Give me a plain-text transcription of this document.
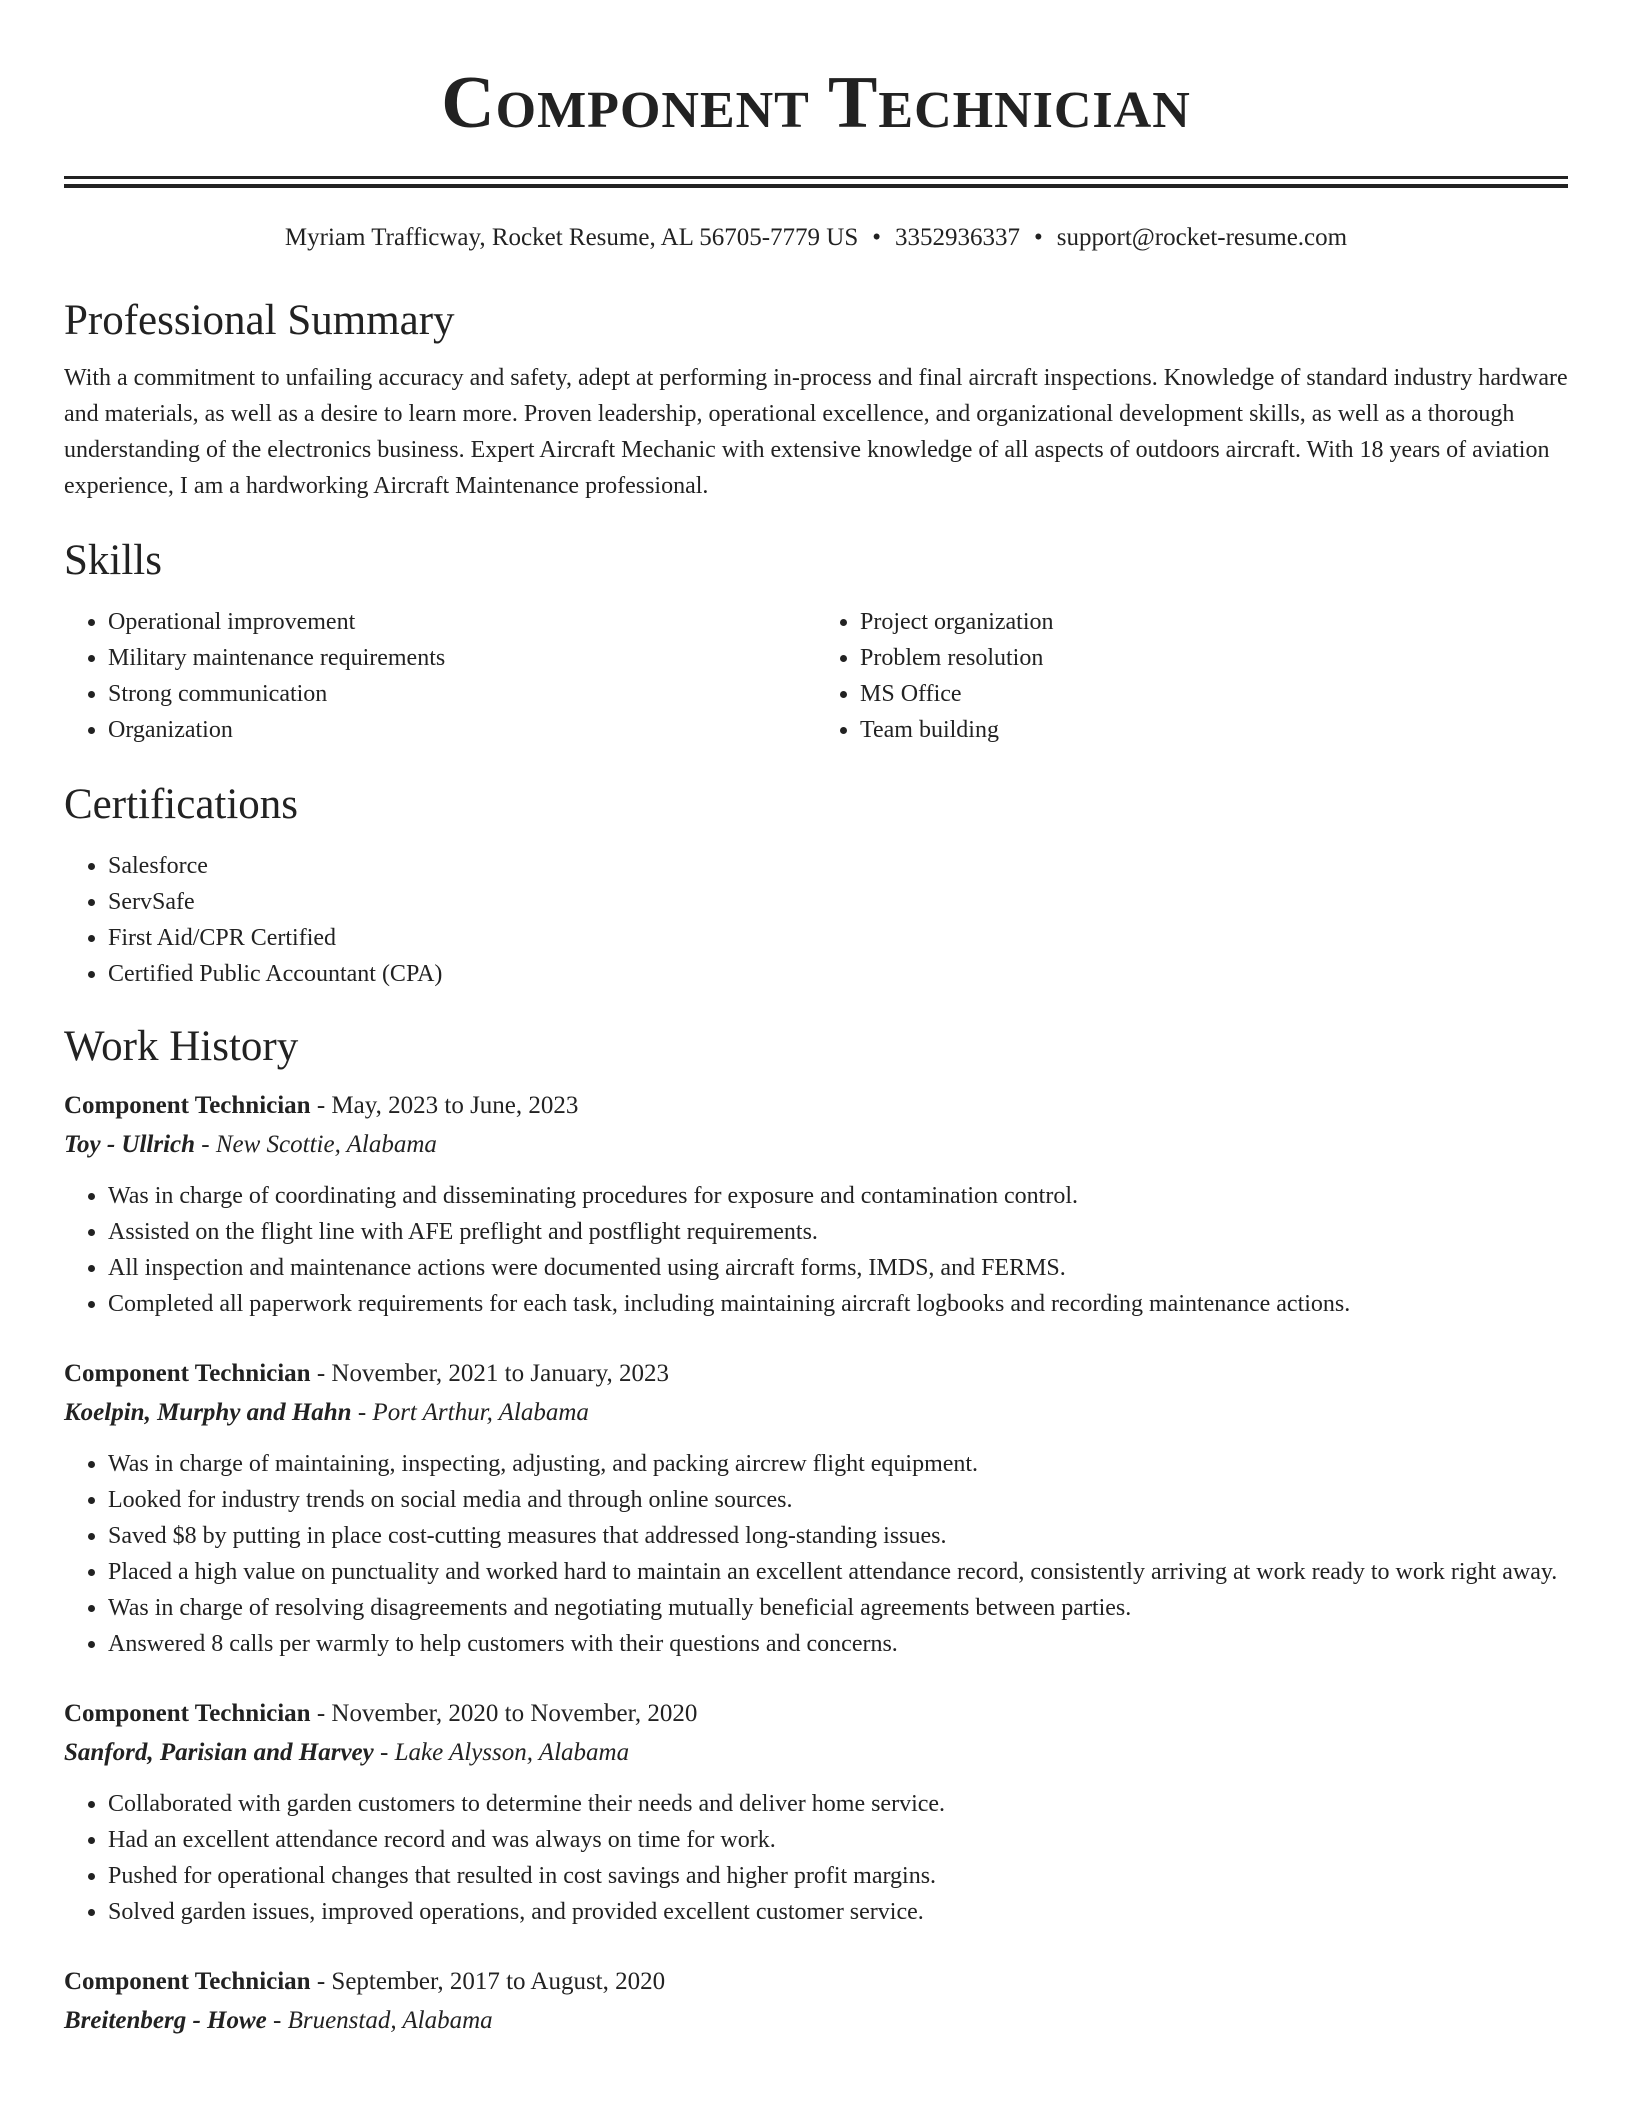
Component Technician
Myriam Trafficway, Rocket Resume, AL 56705-7779 US • 3352936337 • support@rocket-resume.com
Professional Summary

With a commitment to unfailing accuracy and safety, adept at performing in-process and final aircraft inspections. Knowledge of standard industry hardware and materials, as well as a desire to learn more. Proven leadership, operational excellence, and organizational development skills, as well as a thorough understanding of the electronics business. Expert Aircraft Mechanic with extensive knowledge of all aspects of outdoors aircraft. With 18 years of aviation experience, I am a hardworking Aircraft Maintenance professional.

Skills
• Operational improvement
• Military maintenance requirements
• Strong communication
• Organization
• Project organization
• Problem resolution
• MS Office
• Team building
Certifications
• Salesforce
• ServSafe
• First Aid/CPR Certified
• Certified Public Accountant (CPA)
Work History
Component Technician - May, 2023 to June, 2023
Toy - Ullrich - New Scottie, Alabama
• Was in charge of coordinating and disseminating procedures for exposure and contamination control.
• Assisted on the flight line with AFE preflight and postflight requirements.
• All inspection and maintenance actions were documented using aircraft forms, IMDS, and FERMS.
• Completed all paperwork requirements for each task, including maintaining aircraft logbooks and recording maintenance actions.
Component Technician - November, 2021 to January, 2023
Koelpin, Murphy and Hahn - Port Arthur, Alabama
• Was in charge of maintaining, inspecting, adjusting, and packing aircrew flight equipment.
• Looked for industry trends on social media and through online sources.
• Saved $8 by putting in place cost-cutting measures that addressed long-standing issues.
• Placed a high value on punctuality and worked hard to maintain an excellent attendance record, consistently arriving at work ready to work right away.
• Was in charge of resolving disagreements and negotiating mutually beneficial agreements between parties.
• Answered 8 calls per warmly to help customers with their questions and concerns.
Component Technician - November, 2020 to November, 2020
Sanford, Parisian and Harvey - Lake Alysson, Alabama
• Collaborated with garden customers to determine their needs and deliver home service.
• Had an excellent attendance record and was always on time for work.
• Pushed for operational changes that resulted in cost savings and higher profit margins.
• Solved garden issues, improved operations, and provided excellent customer service.
Component Technician - September, 2017 to August, 2020
Breitenberg - Howe - Bruenstad, Alabama
